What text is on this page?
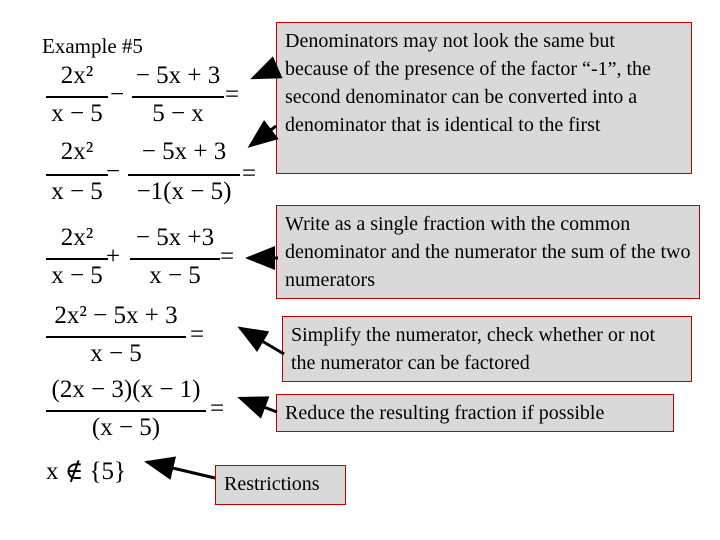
Example #5
2x²
x − 5
−
− 5x + 3
5 − x
=
2x²
x − 5
−
− 5x + 3
−1(x − 5)
=
2x²
x − 5
+
− 5x +3
x − 5
=
2x² − 5x + 3
x − 5
=
(2x − 3)(x − 1)
(x − 5)
=
x ∉ {5}
Denominators may not look the same but because of the presence of the factor “-1”, the second denominator can be converted into a denominator that is identical to the first
Write as a single fraction with the common denominator and the numerator the sum of the two numerators
Simplify the numerator, check whether or not the numerator can be factored
Reduce the resulting fraction if possible
Restrictions
